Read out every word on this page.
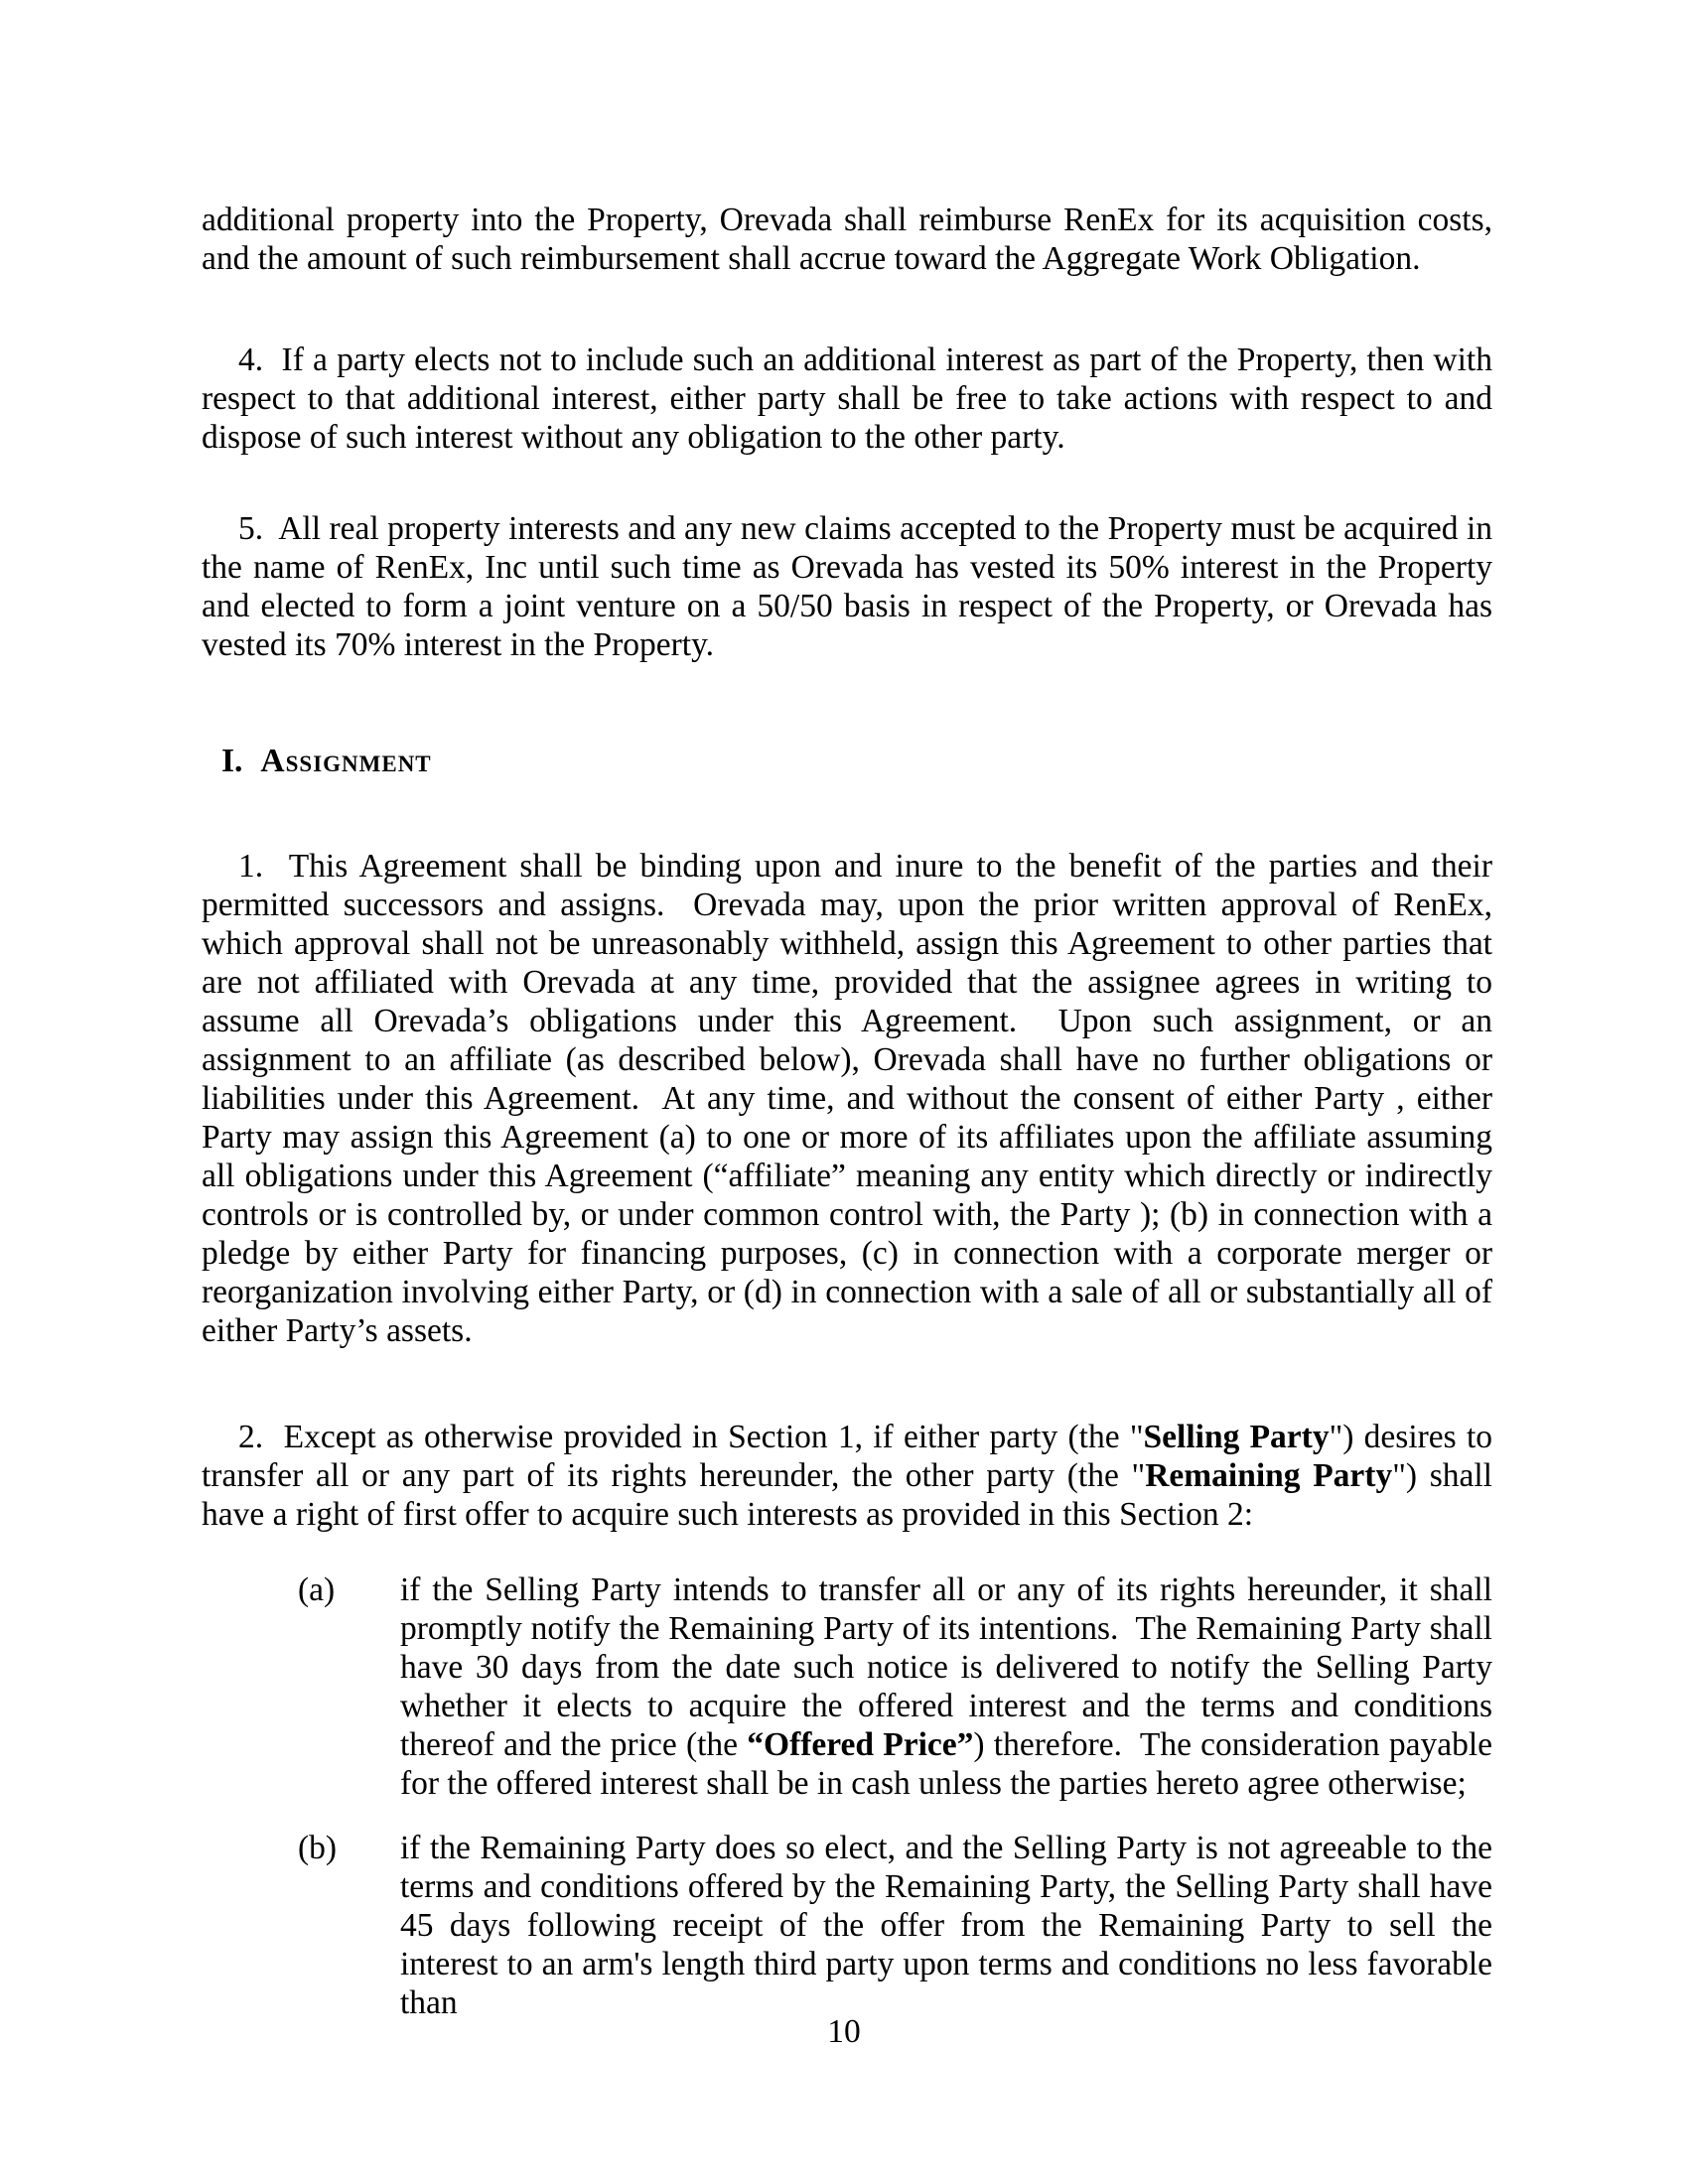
additional property into the Property, Orevada shall reimburse RenEx for its acquisition costs, and the amount of such reimbursement shall accrue toward the Aggregate Work Obligation.

4.  If a party elects not to include such an additional interest as part of the Property, then with respect to that additional interest, either party shall be free to take actions with respect to and dispose of such interest without any obligation to the other party.

5.  All real property interests and any new claims accepted to the Property must be acquired in the name of RenEx, Inc until such time as Orevada has vested its 50% interest in the Property and elected to form a joint venture on a 50/50 basis in respect of the Property, or Orevada has vested its 70% interest in the Property.

I. Assignment

1.  This Agreement shall be binding upon and inure to the benefit of the parties and their permitted successors and assigns.  Orevada may, upon the prior written approval of RenEx, which approval shall not be unreasonably withheld, assign this Agreement to other parties that are not affiliated with Orevada at any time, provided that the assignee agrees in writing to assume all Orevada’s obligations under this Agreement.  Upon such assignment, or an assignment to an affiliate (as described below), Orevada shall have no further obligations or liabilities under this Agreement.  At any time, and without the consent of either Party , either Party may assign this Agreement (a) to one or more of its affiliates upon the affiliate assuming all obligations under this Agreement (“affiliate” meaning any entity which directly or indirectly controls or is controlled by, or under common control with, the Party ); (b) in connection with a pledge by either Party for financing purposes, (c) in connection with a corporate merger or reorganization involving either Party, or (d) in connection with a sale of all or substantially all of either Party’s assets.

2.  Except as otherwise provided in Section 1, if either party (the "Selling Party") desires to transfer all or any part of its rights hereunder, the other party (the "Remaining Party") shall have a right of first offer to acquire such interests as provided in this Section 2:

(a) if the Selling Party intends to transfer all or any of its rights hereunder, it shall promptly notify the Remaining Party of its intentions.  The Remaining Party shall have 30 days from the date such notice is delivered to notify the Selling Party whether it elects to acquire the offered interest and the terms and conditions thereof and the price (the “Offered Price”) therefore.  The consideration payable for the offered interest shall be in cash unless the parties hereto agree otherwise;
(b) if the Remaining Party does so elect, and the Selling Party is not agreeable to the terms and conditions offered by the Remaining Party, the Selling Party shall have 45 days following receipt of the offer from the Remaining Party to sell the interest to an arm's length third party upon terms and conditions no less favorable than
10
